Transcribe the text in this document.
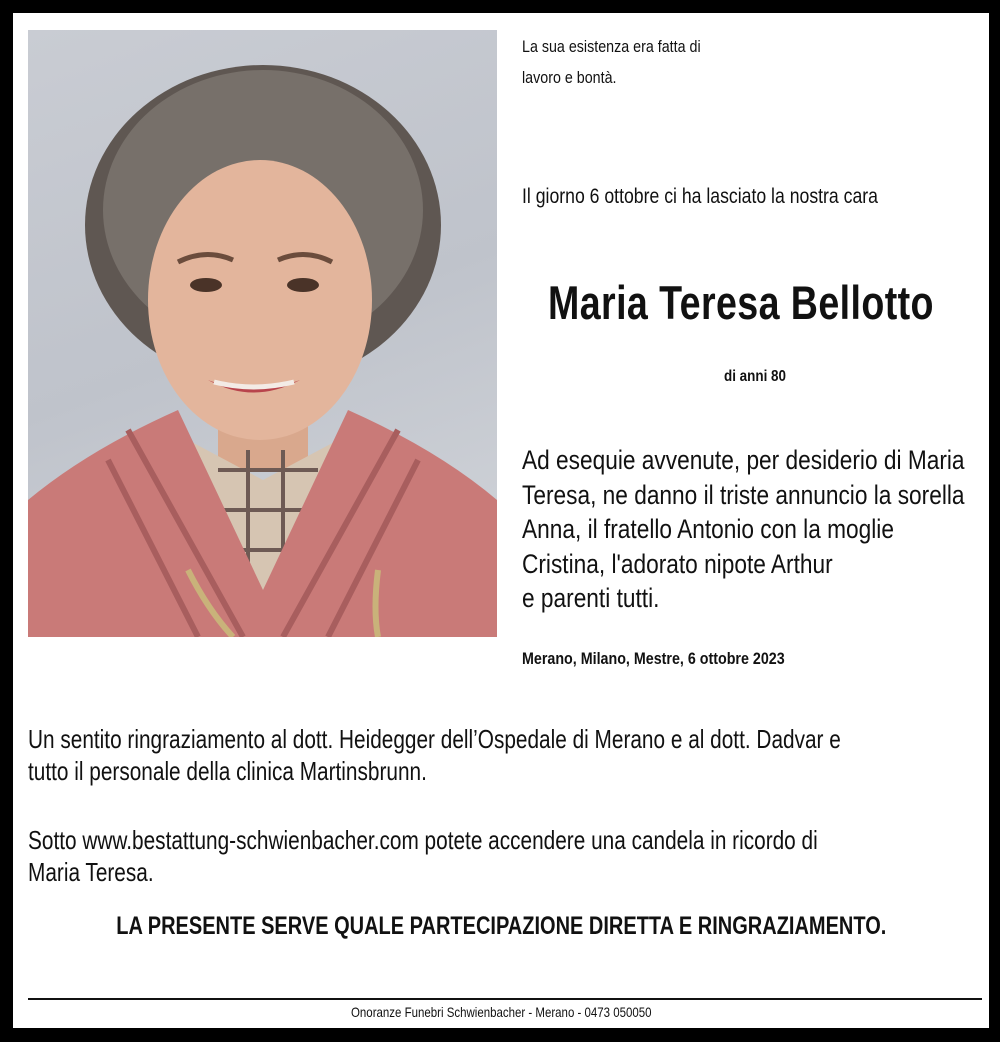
La sua esistenza era fatta di
lavoro e bontà.
Il giorno 6 ottobre ci ha lasciato la nostra cara
Maria Teresa Bellotto
di anni 80
Ad esequie avvenute, per desiderio di Maria
Teresa, ne danno il triste annuncio la sorella
Anna, il fratello Antonio con la moglie
Cristina, l'adorato nipote Arthur
e parenti tutti.
Merano, Milano, Mestre, 6 ottobre 2023
Un sentito ringraziamento al dott. Heidegger dell’Ospedale di Merano e al dott. Dadvar e
tutto il personale della clinica Martinsbrunn.
Sotto www.bestattung-schwienbacher.com potete accendere una candela in ricordo di
Maria Teresa.
LA PRESENTE SERVE QUALE PARTECIPAZIONE DIRETTA E RINGRAZIAMENTO.
Onoranze Funebri Schwienbacher - Merano - 0473 050050
